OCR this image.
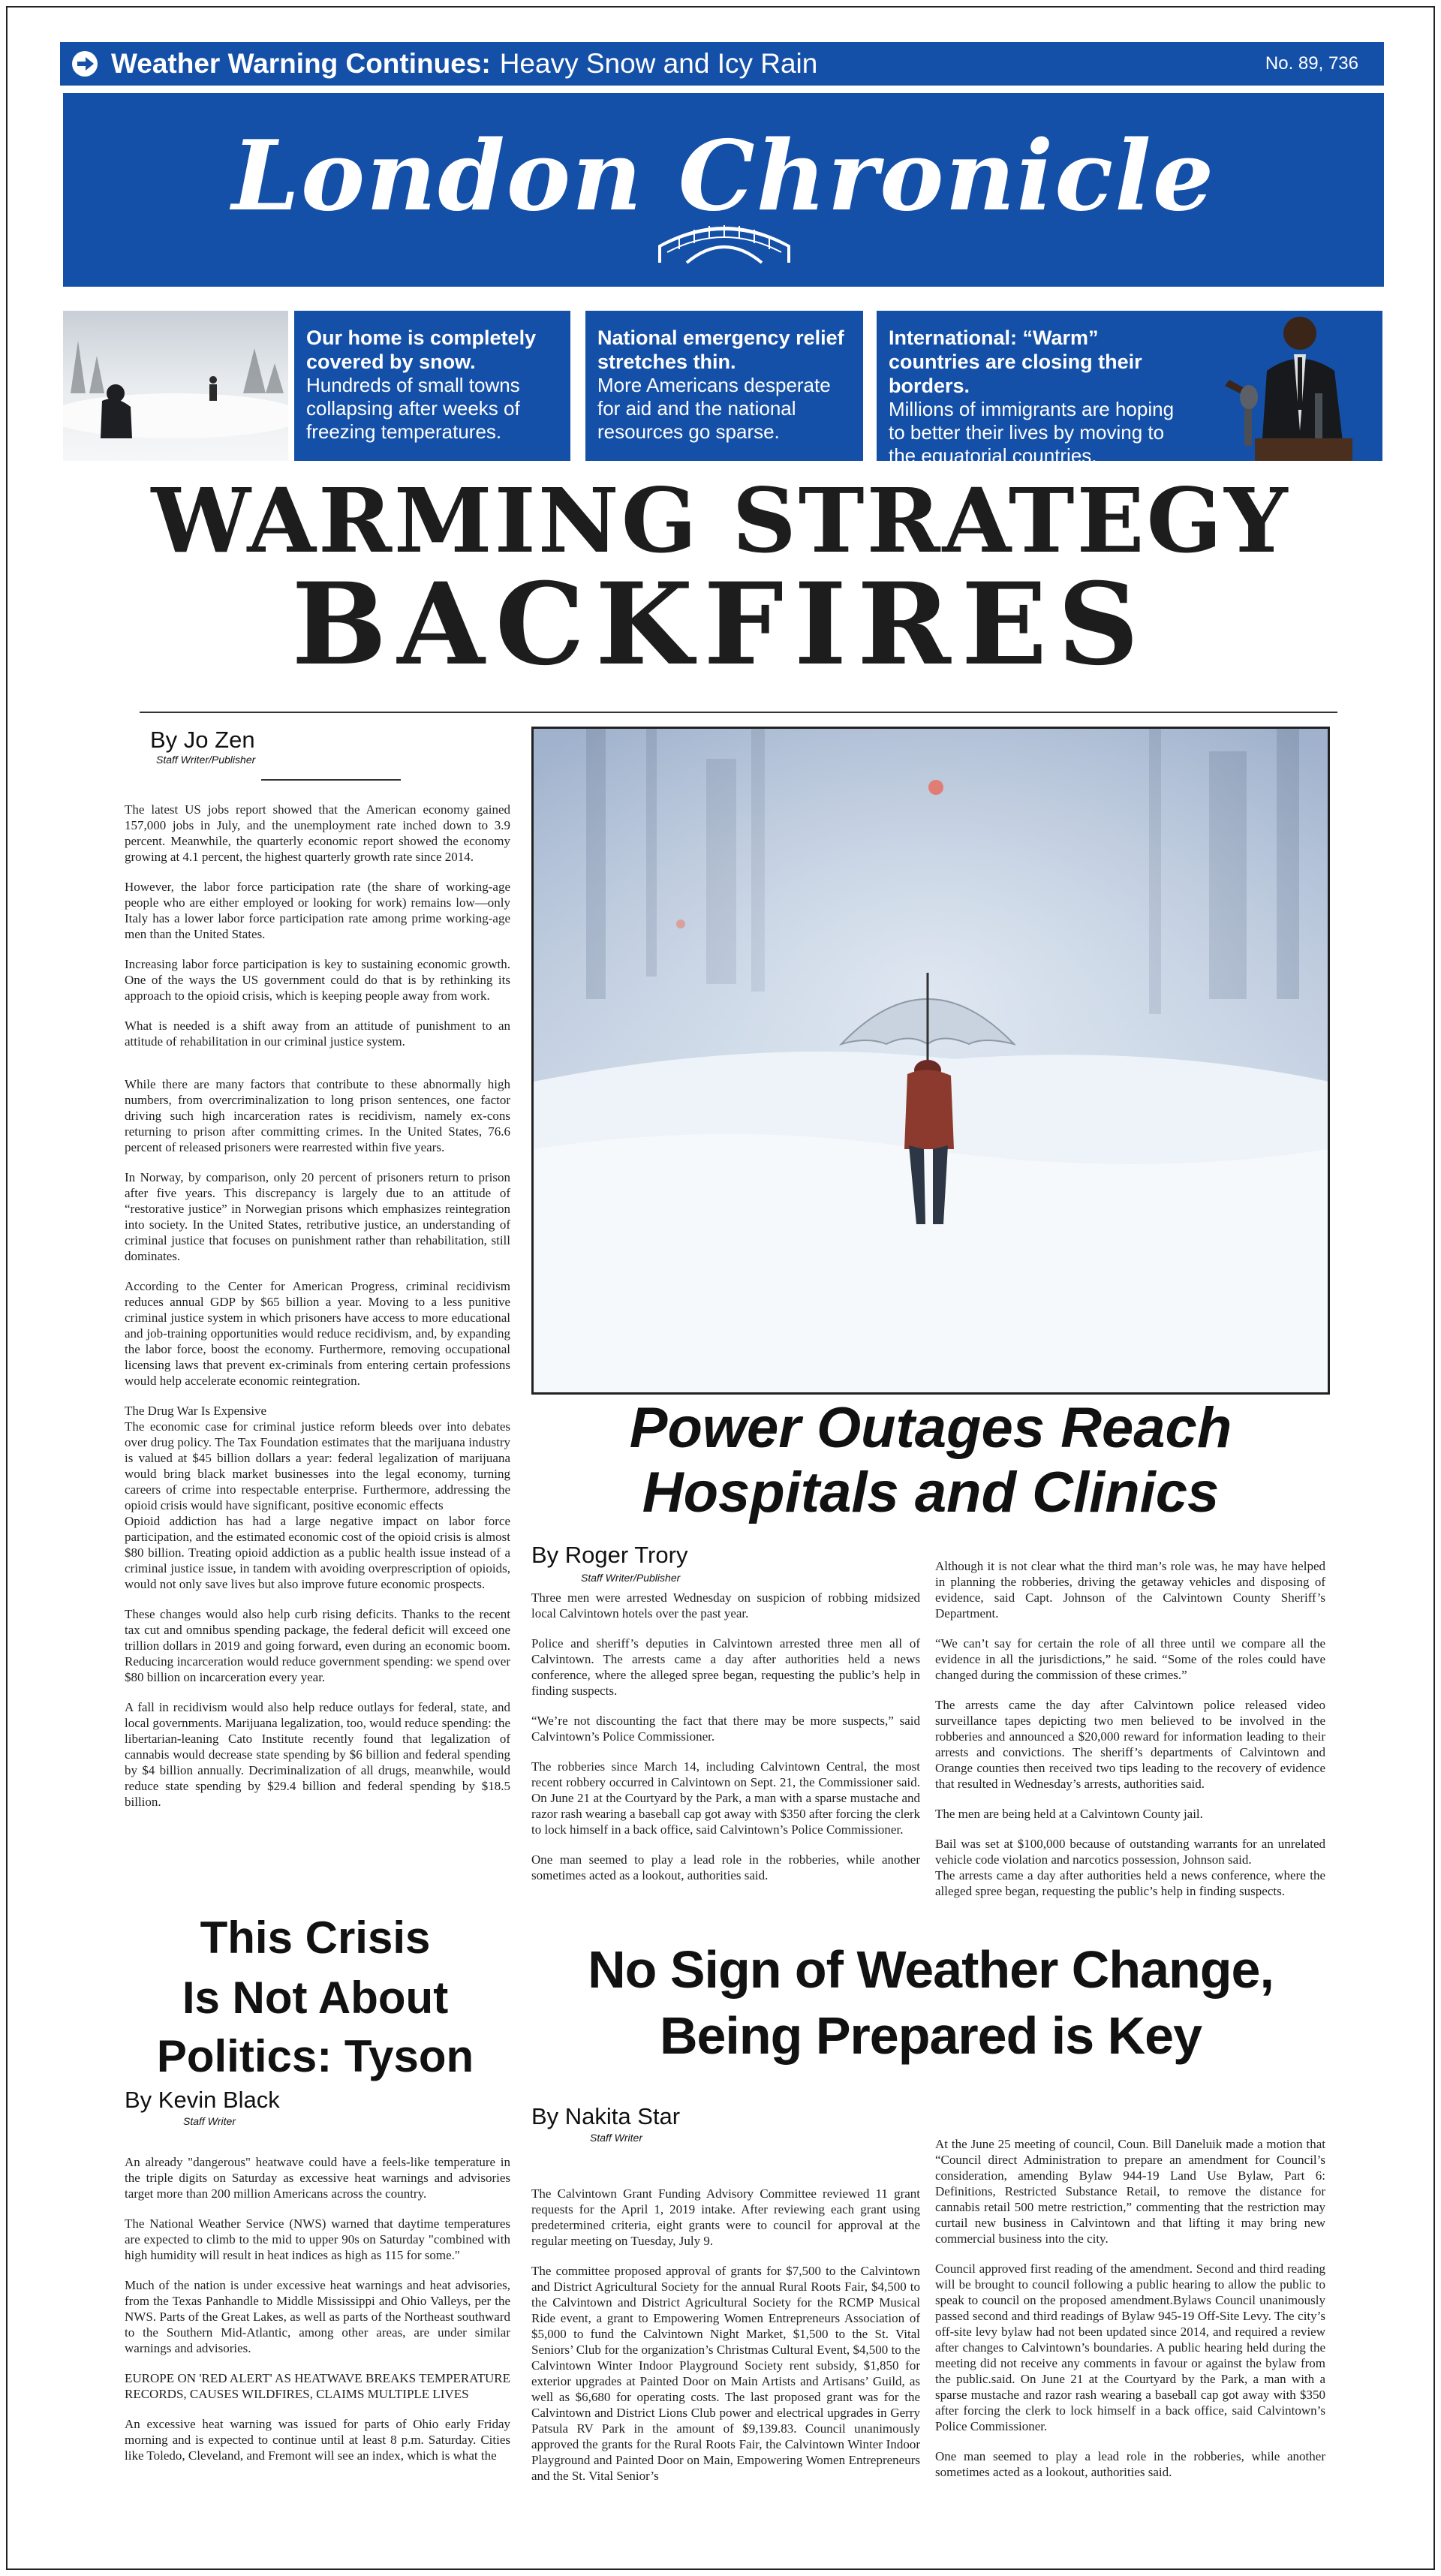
Weather Warning Continues: Heavy Snow and Icy Rain	No. 89, 736
London Chronicle
Our home is completely covered by snow.
Hundreds of small towns collapsing after weeks of freezing temperatures.
National emergency relief stretches thin.
More Americans desperate for aid and the national resources go sparse.
International: “Warm” countries are closing their borders.
Millions of immigrants are hoping to better their lives by moving to the equatorial countries.
WARMING STRATEGY
BACKFIRES
By Jo Zen
Staff Writer/Publisher

The latest US jobs report showed that the American economy gained 157,000 jobs in July, and the unemployment rate inched down to 3.9 percent. Meanwhile, the quarterly economic report showed the economy growing at 4.1 percent, the highest quarterly growth rate since 2014.

However, the labor force participation rate (the share of working-age people who are either employed or looking for work) remains low—only Italy has a lower labor force participation rate among prime working-age men than the United States.

Increasing labor force participation is key to sustaining economic growth. One of the ways the US government could do that is by rethinking its approach to the opioid crisis, which is keeping people away from work.

What is needed is a shift away from an attitude of punishment to an attitude of rehabilitation in our criminal justice system.

While there are many factors that contribute to these abnormally high numbers, from overcriminalization to long prison sentences, one factor driving such high incarceration rates is recidivism, namely ex-cons returning to prison after committing crimes. In the United States, 76.6 percent of released prisoners were rearrested within five years.

In Norway, by comparison, only 20 percent of prisoners return to prison after five years. This discrepancy is largely due to an attitude of “restorative justice” in Norwegian prisons which emphasizes reintegration into society. In the United States, retributive justice, an understanding of criminal justice that focuses on punishment rather than rehabilitation, still dominates.

According to the Center for American Progress, criminal recidivism reduces annual GDP by $65 billion a year. Moving to a less punitive criminal justice system in which prisoners have access to more educational and job-training opportunities would reduce recidivism, and, by expanding the labor force, boost the economy. Furthermore, removing occupational licensing laws that prevent ex-criminals from entering certain professions would help accelerate economic reintegration.

The Drug War Is Expensive
The economic case for criminal justice reform bleeds over into debates over drug policy. The Tax Foundation estimates that the marijuana industry is valued at $45 billion dollars a year: federal legalization of marijuana would bring black market businesses into the legal economy, turning careers of crime into respectable enterprise. Furthermore, addressing the opioid crisis would have significant, positive economic effects
Opioid addiction has had a large negative impact on labor force participation, and the estimated economic cost of the opioid crisis is almost $80 billion. Treating opioid addiction as a public health issue instead of a criminal justice issue, in tandem with avoiding overprescription of opioids, would not only save lives but also improve future economic prospects.

These changes would also help curb rising deficits. Thanks to the recent tax cut and omnibus spending package, the federal deficit will exceed one trillion dollars in 2019 and going forward, even during an economic boom. Reducing incarceration would reduce government spending: we spend over $80 billion on incarceration every year.

A fall in recidivism would also help reduce outlays for federal, state, and local governments. Marijuana legalization, too, would reduce spending: the libertarian-leaning Cato Institute recently found that legalization of cannabis would decrease state spending by $6 billion and federal spending by $4 billion annually. Decriminalization of all drugs, meanwhile, would reduce state spending by $29.4 billion and federal spending by $18.5 billion.

Power Outages Reach
Hospitals and Clinics
By Roger Trory
Staff Writer/Publisher

Three men were arrested Wednesday on suspicion of robbing midsized local Calvintown hotels over the past year.

Police and sheriff’s deputies in Calvintown arrested three men all of Calvintown. The arrests came a day after authorities held a news conference, where the alleged spree began, requesting the public’s help in finding suspects.

“We’re not discounting the fact that there may be more suspects,” said Calvintown’s Police Commissioner.

The robberies since March 14, including Calvintown Central, the most recent robbery occurred in Calvintown on Sept. 21, the Commissioner said. On June 21 at the Courtyard by the Park, a man with a sparse mustache and razor rash wearing a baseball cap got away with $350 after forcing the clerk to lock himself in a back office, said Calvintown’s Police Commissioner.

One man seemed to play a lead role in the robberies, while another sometimes acted as a lookout, authorities said.

Although it is not clear what the third man’s role was, he may have helped in planning the robberies, driving the getaway vehicles and disposing of evidence, said Capt. Johnson of the Calvintown County Sheriff’s Department.

“We can’t say for certain the role of all three until we compare all the evidence in all the jurisdictions,” he said. “Some of the roles could have changed during the commission of these crimes.”

The arrests came the day after Calvintown police released video surveillance tapes depicting two men believed to be involved in the robberies and announced a $20,000 reward for information leading to their arrests and convictions. The sheriff’s departments of Calvintown and Orange counties then received two tips leading to the recovery of evidence that resulted in Wednesday’s arrests, authorities said.

The men are being held at a Calvintown County jail.

Bail was set at $100,000 because of outstanding warrants for an unrelated vehicle code violation and narcotics possession, Johnson said.
The arrests came a day after authorities held a news conference, where the alleged spree began, requesting the public’s help in finding suspects.

This Crisis
Is Not About
Politics: Tyson
By Kevin Black
Staff Writer

An already "dangerous" heatwave could have a feels-like temperature in the triple digits on Saturday as excessive heat warnings and advisories target more than 200 million Americans across the country.

The National Weather Service (NWS) warned that daytime temperatures are expected to climb to the mid to upper 90s on Saturday "combined with high humidity will result in heat indices as high as 115 for some."

Much of the nation is under excessive heat warnings and heat advisories, from the Texas Panhandle to Middle Mississippi and Ohio Valleys, per the NWS. Parts of the Great Lakes, as well as parts of the Northeast southward to the Southern Mid-Atlantic, among other areas, are under similar warnings and advisories.

EUROPE ON 'RED ALERT' AS HEATWAVE BREAKS TEMPERATURE RECORDS, CAUSES WILDFIRES, CLAIMS MULTIPLE LIVES

An excessive heat warning was issued for parts of Ohio early Friday morning and is expected to continue until at least 8 p.m. Saturday. Cities like Toledo, Cleveland, and Fremont will see an index, which is what the

No Sign of Weather Change,
Being Prepared is Key
By Nakita Star
Staff Writer

The Calvintown Grant Funding Advisory Committee reviewed 11 grant requests for the April 1, 2019 intake. After reviewing each grant using predetermined criteria, eight grants were to council for approval at the regular meeting on Tuesday, July 9.

The committee proposed approval of grants for $7,500 to the Calvintown and District Agricultural Society for the annual Rural Roots Fair, $4,500 to the Calvintown and District Agricultural Society for the RCMP Musical Ride event, a grant to Empowering Women Entrepreneurs Association of $5,000 to fund the Calvintown Night Market, $1,500 to the St. Vital Seniors’ Club for the organization’s Christmas Cultural Event, $4,500 to the Calvintown Winter Indoor Playground Society rent subsidy, $1,850 for exterior upgrades at Painted Door on Main Artists and Artisans’ Guild, as well as $6,680 for operating costs. The last proposed grant was for the Calvintown and District Lions Club power and electrical upgrades in Gerry Patsula RV Park in the amount of $9,139.83. Council unanimously approved the grants for the Rural Roots Fair, the Calvintown Winter Indoor Playground and Painted Door on Main, Empowering Women Entrepreneurs and the St. Vital Senior’s

At the June 25 meeting of council, Coun. Bill Daneluik made a motion that “Council direct Administration to prepare an amendment for Council’s consideration, amending Bylaw 944-19 Land Use Bylaw, Part 6: Definitions, Restricted Substance Retail, to remove the distance for cannabis retail 500 metre restriction,” commenting that the restriction may curtail new business in Calvintown and that lifting it may bring new commercial business into the city.

Council approved first reading of the amendment. Second and third reading will be brought to council following a public hearing to allow the public to speak to council on the proposed amendment.Bylaws Council unanimously passed second and third readings of Bylaw 945-19 Off-Site Levy. The city’s off-site levy bylaw had not been updated since 2014, and required a review after changes to Calvintown’s boundaries. A public hearing held during the meeting did not receive any comments in favour or against the bylaw from the public.said. On June 21 at the Courtyard by the Park, a man with a sparse mustache and razor rash wearing a baseball cap got away with $350 after forcing the clerk to lock himself in a back office, said Calvintown’s Police Commissioner.

One man seemed to play a lead role in the robberies, while another sometimes acted as a lookout, authorities said.
